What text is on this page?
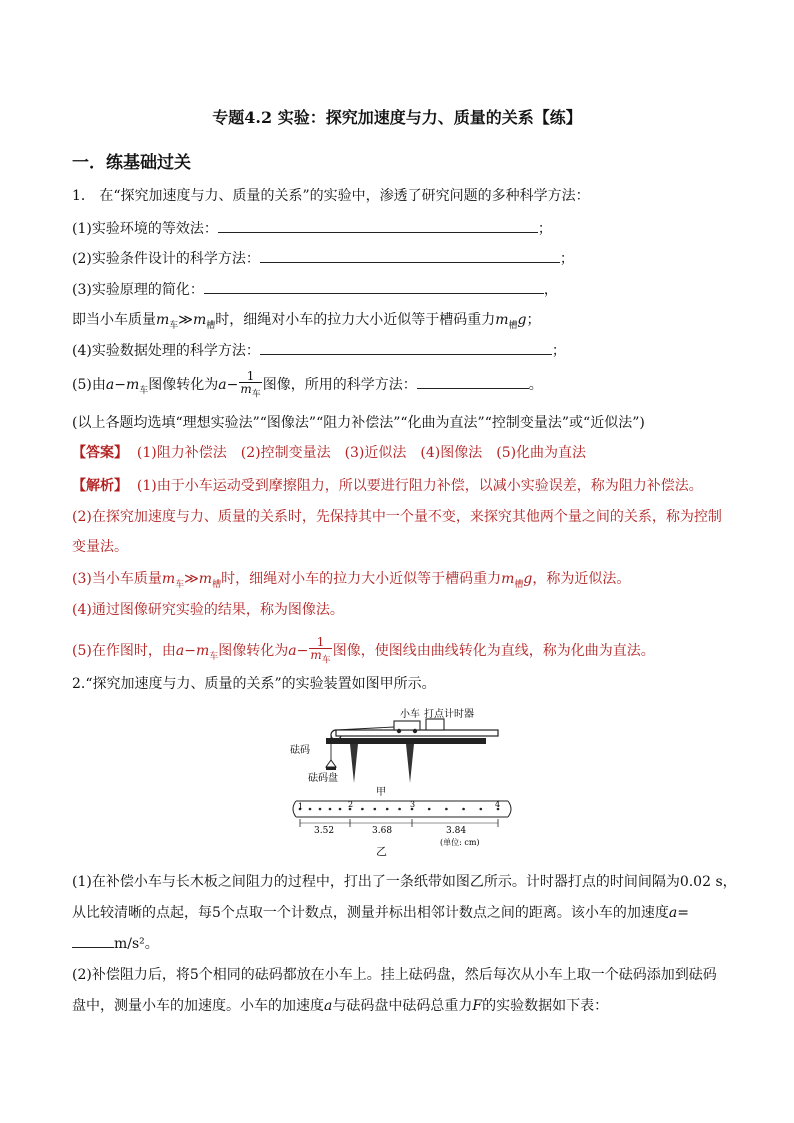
专题4.2 实验：探究加速度与力、质量的关系【练】
一．练基础过关
1． 在“探究加速度与力、质量的关系”的实验中，渗透了研究问题的多种科学方法：
(1)实验环境的等效法：	；
(2)实验条件设计的科学方法：	；
(3)实验原理的简化：	，
即当小车质量$m_车≫m_槽$时，细绳对小车的拉力大小近似等于槽码重力$m_槽g$；
(4)实验数据处理的科学方法：	；
(5)由$a-m_车$图像转化为$a- \frac{1}{m_车}$ 图像，所用的科学方法：	。
(以上各题均选填“理想实验法”“图像法”“阻力补偿法”“化曲为直法”“控制变量法”或“近似法”)
【答案】 (1)阻力补偿法　(2)控制变量法　(3)近似法　(4)图像法　(5)化曲为直法
【解析】 (1)由于小车运动受到摩擦阻力，所以要进行阻力补偿，以减小实验误差，称为阻力补偿法。
(2)在探究加速度与力、质量的关系时，先保持其中一个量不变，来探究其他两个量之间的关系，称为控制
变量法。
(3)当小车质量$m_车≫m_槽$时，细绳对小车的拉力大小近似等于槽码重力$m_槽g$，称为近似法。
(4)通过图像研究实验的结果，称为图像法。
(5)在作图时，由$a-m_车$图像转化为$a- \frac{1}{m_车}$ 图像，使图线由曲线转化为直线，称为化曲为直法。
2.“探究加速度与力、质量的关系”的实验装置如图甲所示。
小车 打点计时器
砝码
砝码盘
甲
1	2	3	4
3.52	3.68	3.84
(单位: cm)
乙
(1)在补偿小车与长木板之间阻力的过程中，打出了一条纸带如图乙所示。计时器打点的时间间隔为0.02 s，
从比较清晰的点起，每5个点取一个计数点，测量并标出相邻计数点之间的距离。该小车的加速度a=
m/s²。
(2)补偿阻力后，将5个相同的砝码都放在小车上。挂上砝码盘，然后每次从小车上取一个砝码添加到砝码
盘中，测量小车的加速度。小车的加速度a与砝码盘中砝码总重力F的实验数据如下表：
